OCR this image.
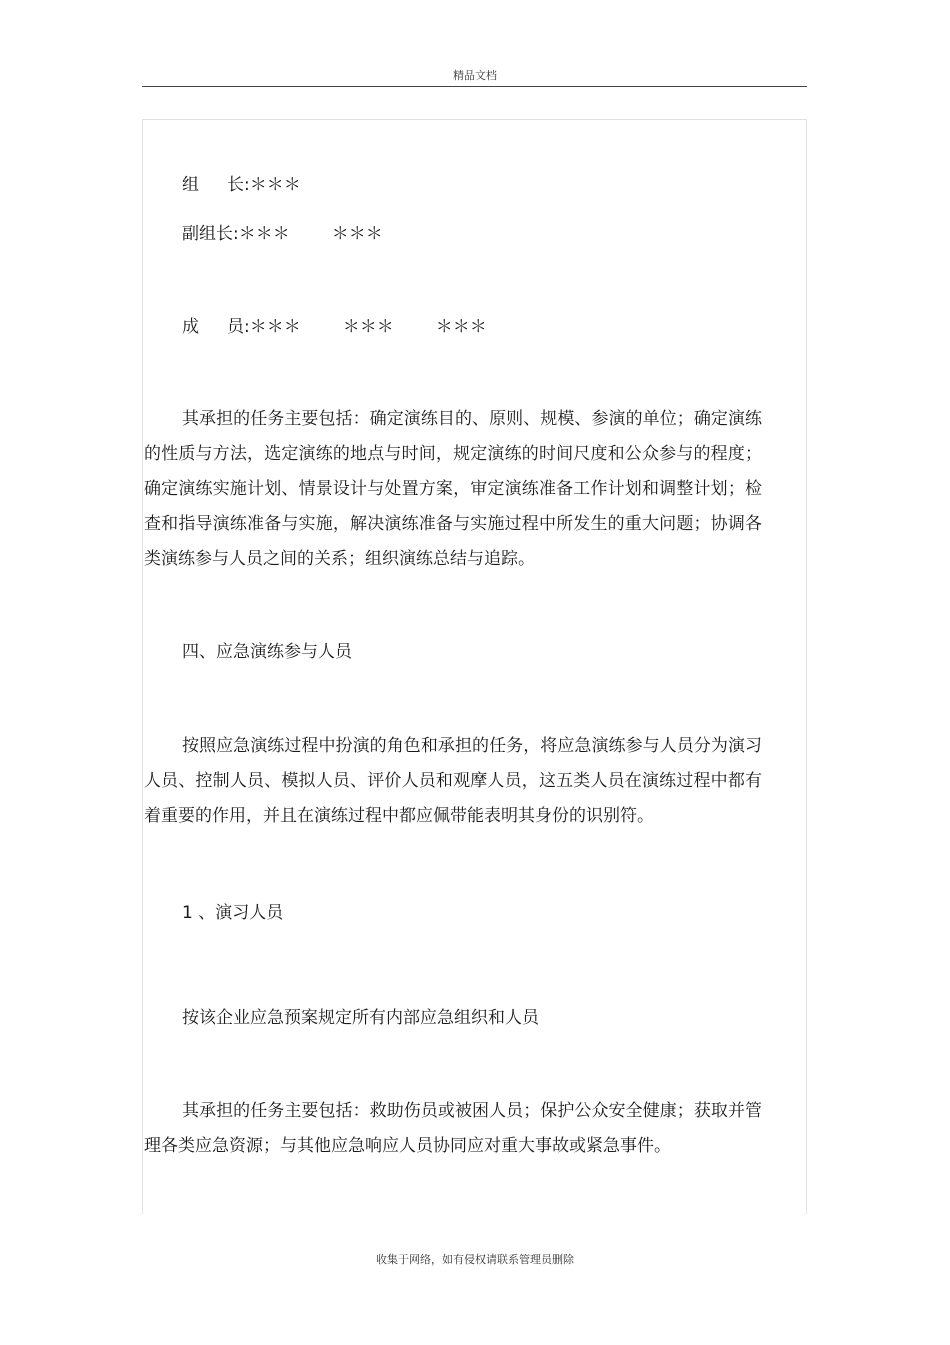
精品文档
组 长:＊＊＊
副组长:＊＊＊ ＊＊＊
成 员:＊＊＊ ＊＊＊ ＊＊＊
其承担的任务主要包括：确定演练目的、原则、规模、参演的单位；确定演练的性质与方法，选定演练的地点与时间，规定演练的时间尺度和公众参与的程度；确定演练实施计划、情景设计与处置方案，审定演练准备工作计划和调整计划；检查和指导演练准备与实施，解决演练准备与实施过程中所发生的重大问题；协调各类演练参与人员之间的关系；组织演练总结与追踪。
四、应急演练参与人员
按照应急演练过程中扮演的角色和承担的任务，将应急演练参与人员分为演习人员、控制人员、模拟人员、评价人员和观摩人员，这五类人员在演练过程中都有着重要的作用，并且在演练过程中都应佩带能表明其身份的识别符。
1 、演习人员
按该企业应急预案规定所有内部应急组织和人员
其承担的任务主要包括：救助伤员或被困人员；保护公众安全健康；获取并管理各类应急资源；与其他应急响应人员协同应对重大事故或紧急事件。
收集于网络，如有侵权请联系管理员删除
